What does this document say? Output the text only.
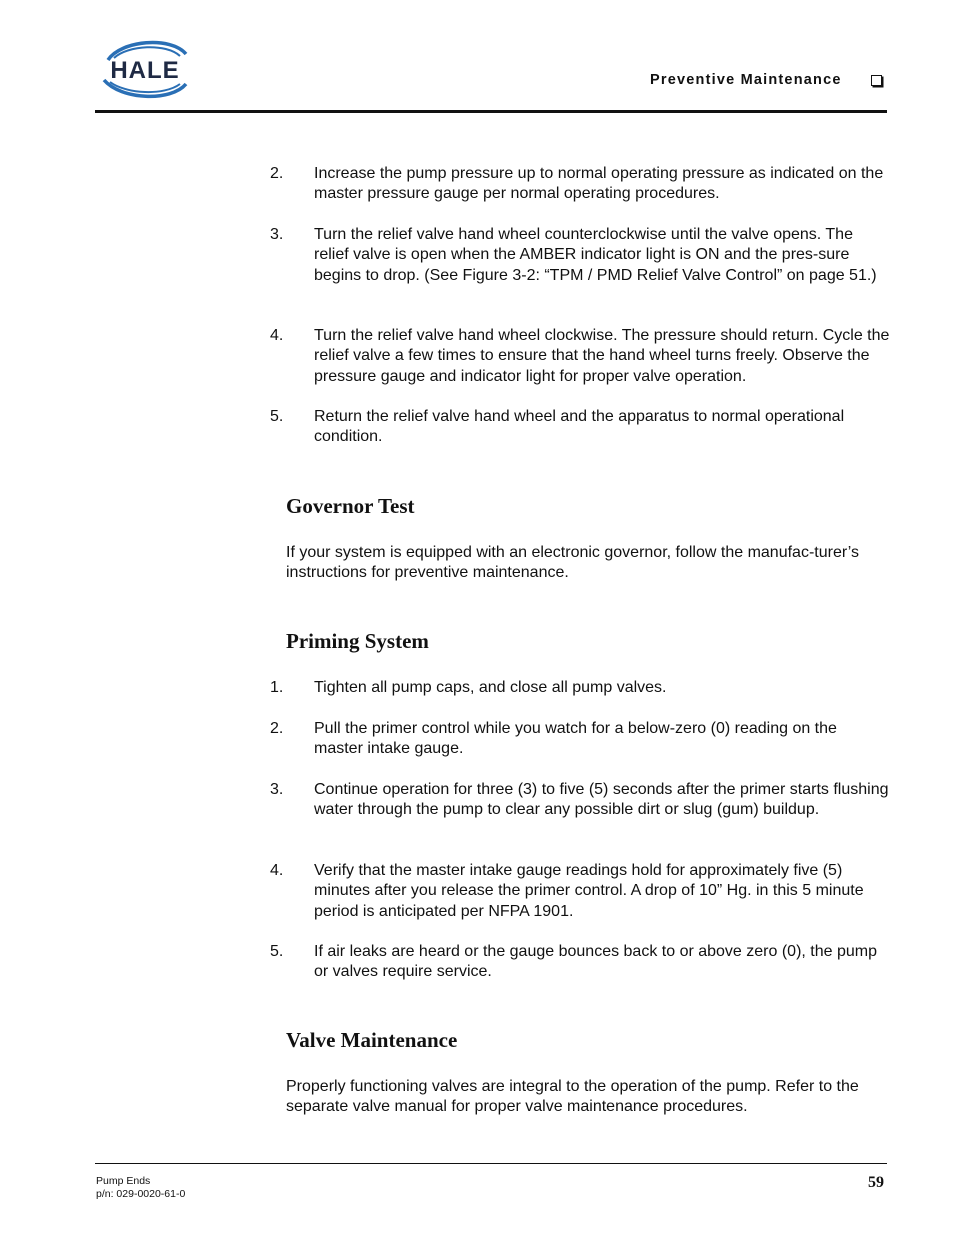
HALE	Preventive Maintenance
2. Increase the pump pressure up to normal operating pressure as indicated on the master pressure gauge per normal operating procedures.
3. Turn the relief valve hand wheel counterclockwise until the valve opens. The relief valve is open when the AMBER indicator light is ON and the pres-sure begins to drop. (See Figure 3-2: “TPM / PMD Relief Valve Control” on page 51.)
4. Turn the relief valve hand wheel clockwise. The pressure should return. Cycle the relief valve a few times to ensure that the hand wheel turns freely. Observe the pressure gauge and indicator light for proper valve operation.
5. Return the relief valve hand wheel and the apparatus to normal operational condition.
Governor Test
If your system is equipped with an electronic governor, follow the manufac-turer’s instructions for preventive maintenance.
Priming System
1. Tighten all pump caps, and close all pump valves.
2. Pull the primer control while you watch for a below-zero (0) reading on the master intake gauge.
3. Continue operation for three (3) to five (5) seconds after the primer starts flushing water through the pump to clear any possible dirt or slug (gum) buildup.
4. Verify that the master intake gauge readings hold for approximately five (5) minutes after you release the primer control. A drop of 10” Hg. in this 5 minute period is anticipated per NFPA 1901.
5. If air leaks are heard or the gauge bounces back to or above zero (0), the pump or valves require service.
Valve Maintenance
Properly functioning valves are integral to the operation of the pump. Refer to the separate valve manual for proper valve maintenance procedures.
Pump Ends
p/n: 029-0020-61-0
59
